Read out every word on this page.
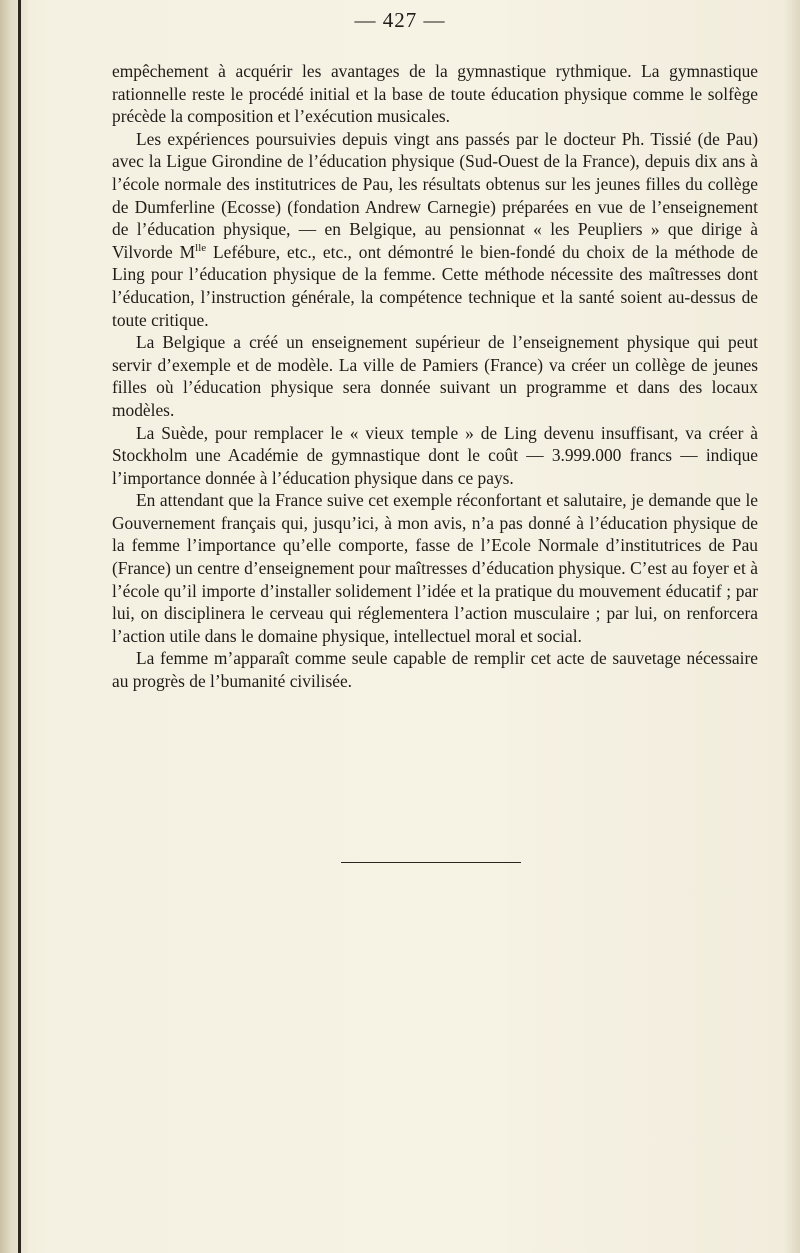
— 427 —

empêchement à acquérir les avantages de la gymnastique rythmique. La gymnastique rationnelle reste le procédé initial et la base de toute éducation physique comme le solfège précède la composition et l’exécution musicales.

Les expériences poursuivies depuis vingt ans passés par le docteur Ph. Tissié (de Pau) avec la Ligue Girondine de l’éducation physique (Sud-Ouest de la France), depuis dix ans à l’école normale des institutrices de Pau, les résultats obtenus sur les jeunes filles du collège de Dumferline (Ecosse) (fondation Andrew Carnegie) préparées en vue de l’enseignement de l’éducation physique, — en Belgique, au pensionnat « les Peupliers » que dirige à Vilvorde $M^{lle}$ Lefébure, etc., etc., ont démontré le bien-fondé du choix de la méthode de Ling pour l’éducation physique de la femme. Cette méthode nécessite des maîtresses dont l’éducation, l’instruction générale, la compétence technique et la santé soient au-dessus de toute critique.

La Belgique a créé un enseignement supérieur de l’enseignement physique qui peut servir d’exemple et de modèle. La ville de Pamiers (France) va créer un collège de jeunes filles où l’éducation physique sera donnée suivant un programme et dans des locaux modèles.

La Suède, pour remplacer le « vieux temple » de Ling devenu insuffisant, va créer à Stockholm une Académie de gymnastique dont le coût — 3.999.000 francs — indique l’importance donnée à l’éducation physique dans ce pays.

En attendant que la France suive cet exemple réconfortant et salutaire, je demande que le Gouvernement français qui, jusqu’ici, à mon avis, n’a pas donné à l’éducation physique de la femme l’importance qu’elle comporte, fasse de l’Ecole Normale d’institutrices de Pau (France) un centre d’enseignement pour maîtresses d’éducation physique. C’est au foyer et à l’école qu’il importe d’installer solidement l’idée et la pratique du mouvement éducatif ; par lui, on disciplinera le cerveau qui réglementera l’action musculaire ; par lui, on renforcera l’action utile dans le domaine physique, intellectuel moral et social.

La femme m’apparaît comme seule capable de remplir cet acte de sauvetage nécessaire au progrès de l’bumanité civilisée.
